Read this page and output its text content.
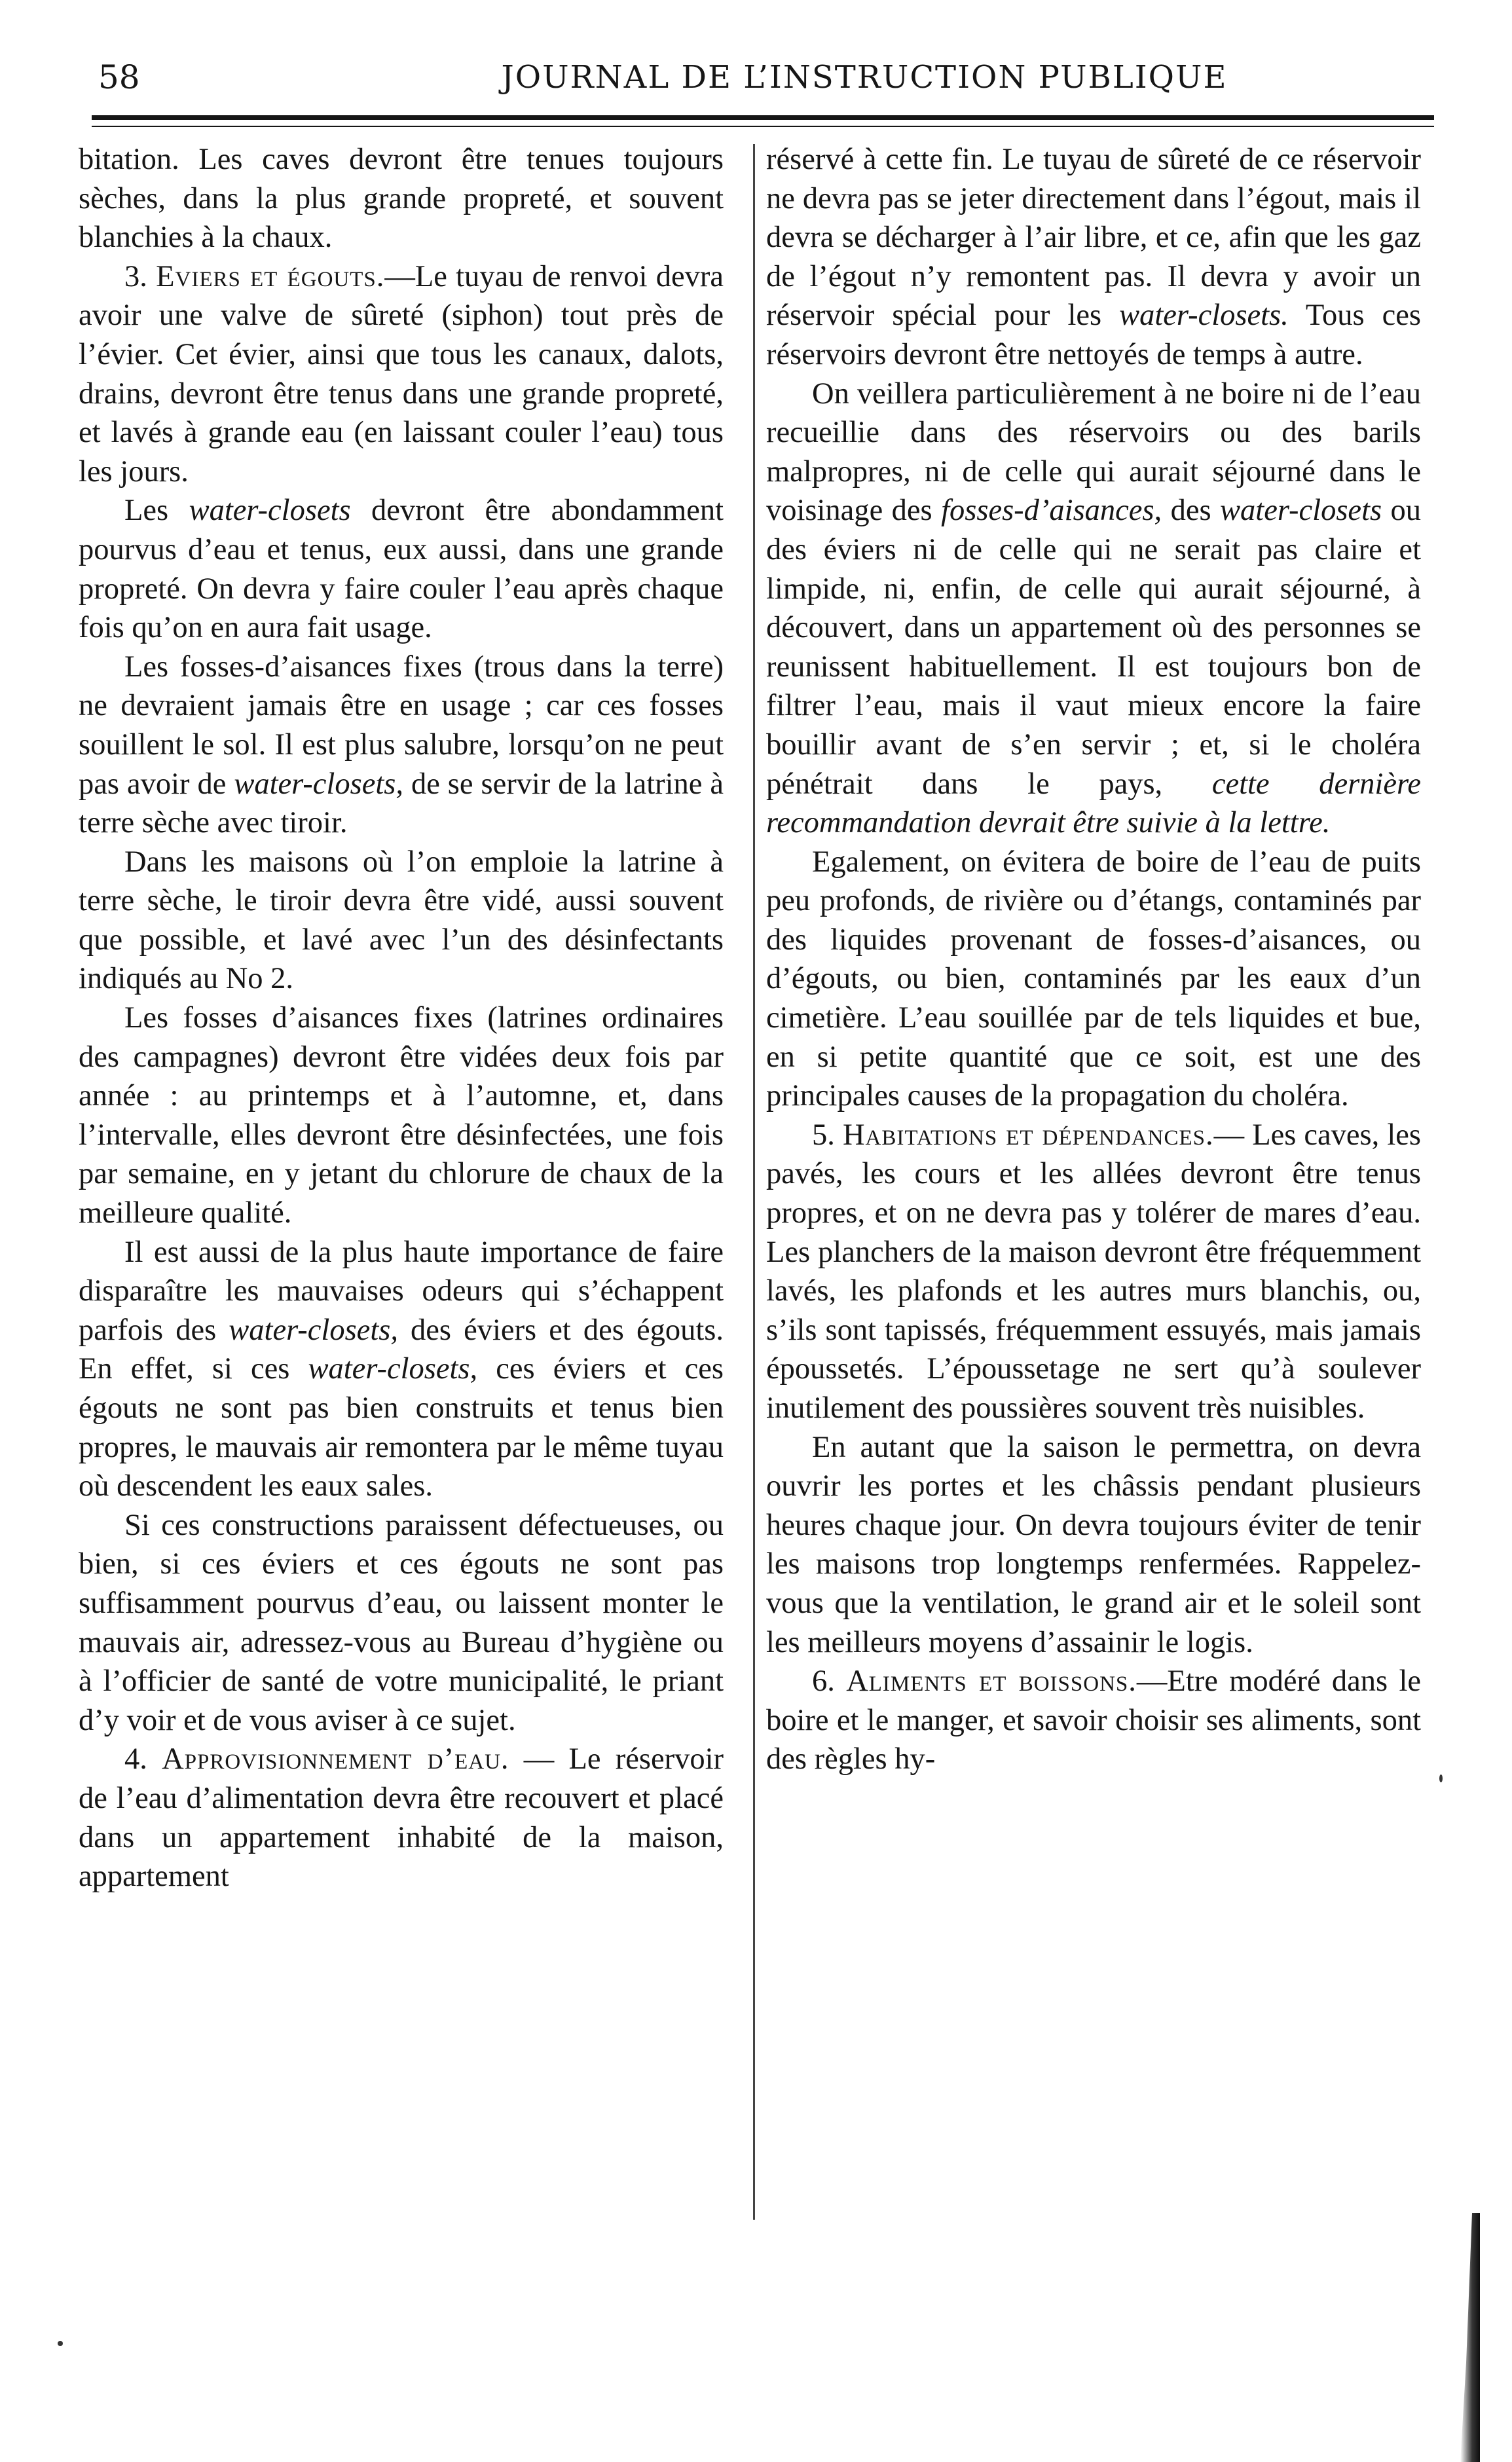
58	JOURNAL DE L’INSTRUCTION PUBLIQUE

bitation. Les caves devront être tenues toujours sèches, dans la plus grande propreté, et souvent blanchies à la chaux.

3. Eviers et égouts.—Le tuyau de renvoi devra avoir une valve de sûreté (siphon) tout près de l’évier. Cet évier, ainsi que tous les canaux, dalots, drains, devront être tenus dans une grande propreté, et lavés à grande eau (en laissant couler l’eau) tous les jours.

Les water-closets devront être abondamment pourvus d’eau et tenus, eux aussi, dans une grande propreté. On devra y faire couler l’eau après chaque fois qu’on en aura fait usage.

Les fosses-d’aisances fixes (trous dans la terre) ne devraient jamais être en usage ; car ces fosses souillent le sol. Il est plus salubre, lorsqu’on ne peut pas avoir de water-closets, de se servir de la latrine à terre sèche avec tiroir.

Dans les maisons où l’on emploie la latrine à terre sèche, le tiroir devra être vidé, aussi souvent que possible, et lavé avec l’un des désinfectants indiqués au No 2.

Les fosses d’aisances fixes (latrines ordinaires des campagnes) devront être vidées deux fois par année : au printemps et à l’automne, et, dans l’intervalle, elles devront être désinfectées, une fois par semaine, en y jetant du chlorure de chaux de la meilleure qualité.

Il est aussi de la plus haute importance de faire disparaître les mauvaises odeurs qui s’échappent parfois des water-closets, des éviers et des égouts. En effet, si ces water-closets, ces éviers et ces égouts ne sont pas bien construits et tenus bien propres, le mauvais air remontera par le même tuyau où descendent les eaux sales.

Si ces constructions paraissent défectueuses, ou bien, si ces éviers et ces égouts ne sont pas suffisamment pourvus d’eau, ou laissent monter le mauvais air, adressez-vous au Bureau d’hygiène ou à l’officier de santé de votre municipalité, le priant d’y voir et de vous aviser à ce sujet.

4. Approvisionnement d’eau. — Le réservoir de l’eau d’alimentation devra être recouvert et placé dans un appartement inhabité de la maison, appartement

réservé à cette fin. Le tuyau de sûreté de ce réservoir ne devra pas se jeter directement dans l’égout, mais il devra se décharger à l’air libre, et ce, afin que les gaz de l’égout n’y remontent pas. Il devra y avoir un réservoir spécial pour les water-closets. Tous ces réservoirs devront être nettoyés de temps à autre.

On veillera particulièrement à ne boire ni de l’eau recueillie dans des réservoirs ou des barils malpropres, ni de celle qui aurait séjourné dans le voisinage des fosses-d’aisances, des water-closets ou des éviers ni de celle qui ne serait pas claire et limpide, ni, enfin, de celle qui aurait séjourné, à découvert, dans un appartement où des personnes se reunissent habituellement. Il est toujours bon de filtrer l’eau, mais il vaut mieux encore la faire bouillir avant de s’en servir ; et, si le choléra pénétrait dans le pays, cette dernière recommandation devrait être suivie à la lettre.

Egalement, on évitera de boire de l’eau de puits peu profonds, de rivière ou d’étangs, contaminés par des liquides provenant de fosses-d’aisances, ou d’égouts, ou bien, contaminés par les eaux d’un cimetière. L’eau souillée par de tels liquides et bue, en si petite quantité que ce soit, est une des principales causes de la propagation du choléra.

5. Habitations et dépendances.— Les caves, les pavés, les cours et les allées devront être tenus propres, et on ne devra pas y tolérer de mares d’eau. Les planchers de la maison devront être fréquemment lavés, les plafonds et les autres murs blanchis, ou, s’ils sont tapissés, fréquemment essuyés, mais jamais époussetés. L’époussetage ne sert qu’à soulever inutilement des poussières souvent très nuisibles.

En autant que la saison le permettra, on devra ouvrir les portes et les châssis pendant plusieurs heures chaque jour. On devra toujours éviter de tenir les maisons trop longtemps renfermées. Rappelez-vous que la ventilation, le grand air et le soleil sont les meilleurs moyens d’assainir le logis.

6. Aliments et boissons.—Etre modéré dans le boire et le manger, et savoir choisir ses aliments, sont des règles hy-
